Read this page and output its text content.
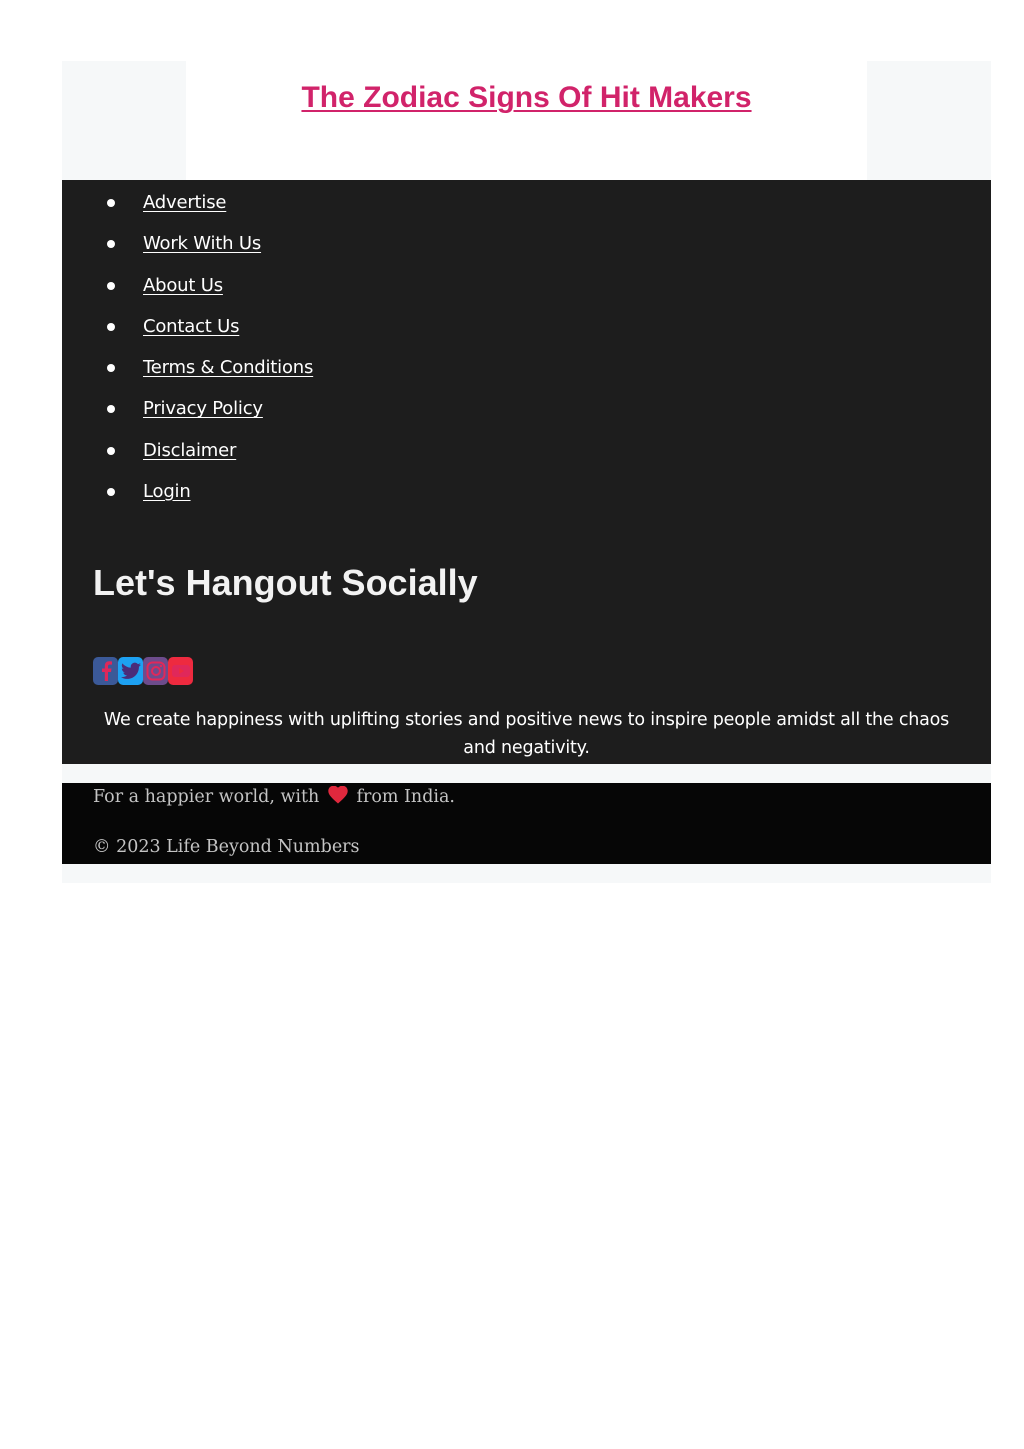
The Zodiac Signs Of Hit Makers
Advertise
Work With Us
About Us
Contact Us
Terms & Conditions
Privacy Policy
Disclaimer
Login
Let's Hangout Socially

We create happiness with uplifting stories and positive news to inspire people amidst all the chaos and negativity.

For a happier world, with from India.

© 2023 Life Beyond Numbers
